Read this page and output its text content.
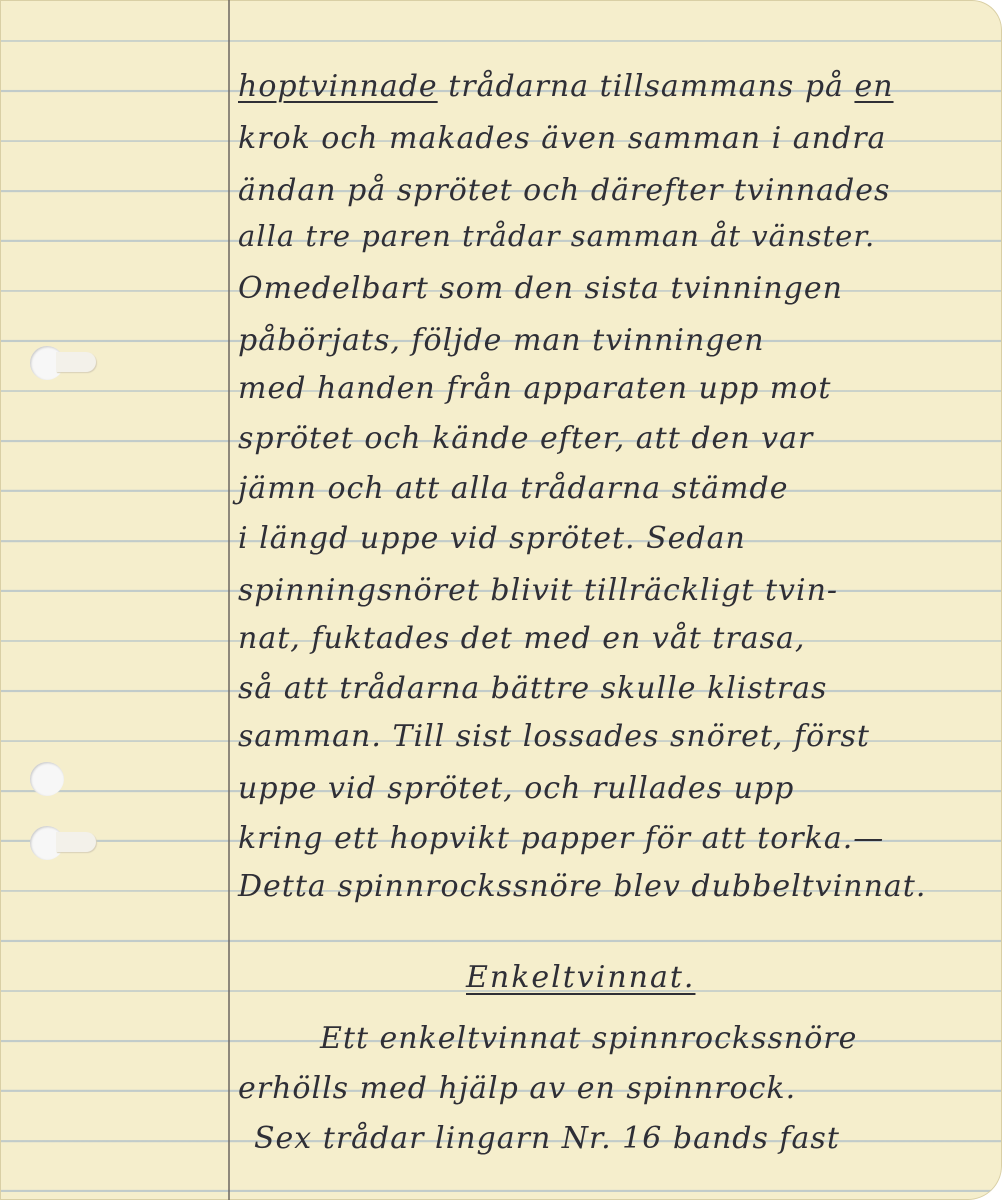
hoptvinnade trådarna tillsammans på en

krok och makades även samman i andra

ändan på sprötet och därefter tvinnades

alla tre paren trådar samman åt vänster.

Omedelbart som den sista tvinningen

påbörjats, följde man tvinningen

med handen från apparaten upp mot

sprötet och kände efter, att den var

jämn och att alla trådarna stämde

i längd uppe vid sprötet. Sedan

spinningsnöret blivit tillräckligt tvin-

nat, fuktades det med en våt trasa,

så att trådarna bättre skulle klistras

samman. Till sist lossades snöret, först

uppe vid sprötet, och rullades upp

kring ett hopvikt papper för att torka.—

Detta spinnrockssnöre blev dubbeltvinnat.

Enkeltvinnat.

Ett enkeltvinnat spinnrockssnöre

erhölls med hjälp av en spinnrock.

Sex trådar lingarn Nr. 16 bands fast
